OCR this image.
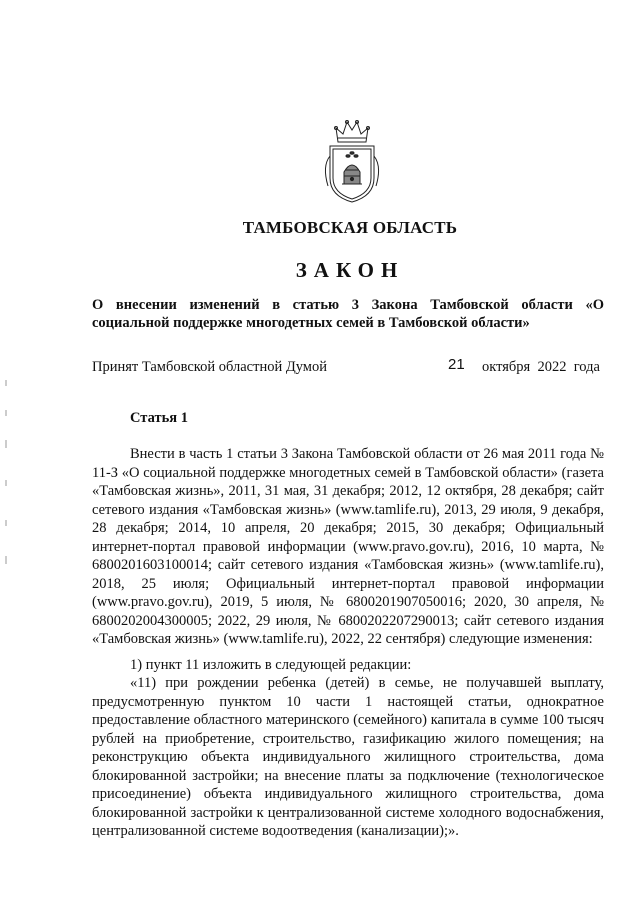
ТАМБОВСКАЯ ОБЛАСТЬ
ЗАКОН
О внесении изменений в статью 3 Закона Тамбовской области «О социальной поддержке многодетных семей в Тамбовской области»
Принят Тамбовской областной Думой	21 октября  2022  года
Статья 1

Внести в часть 1 статьи 3 Закона Тамбовской области от 26 мая 2011 года № 11-З «О социальной поддержке многодетных семей в Тамбовской области» (газета «Тамбовская жизнь», 2011, 31 мая, 31 декабря; 2012, 12 октября, 28 декабря; сайт сетевого издания «Тамбовская жизнь» (www.tamlife.ru), 2013, 29 июля, 9 декабря, 28 декабря; 2014, 10 апреля, 20 декабря; 2015, 30 декабря; Официальный интернет-портал правовой информации (www.pravo.gov.ru), 2016, 10 марта, № 6800201603100014; сайт сетевого издания «Тамбовская жизнь» (www.tamlife.ru), 2018, 25 июля; Официальный интернет-портал правовой информации (www.pravo.gov.ru), 2019, 5 июля, № 6800201907050016; 2020, 30 апреля, № 6800202004300005; 2022, 29 июля, № 6800202207290013; сайт сетевого издания «Тамбовская жизнь» (www.tamlife.ru), 2022, 22 сентября) следующие изменения:

1) пункт 11 изложить в следующей редакции:

«11) при рождении ребенка (детей) в семье, не получавшей выплату, предусмотренную пунктом 10 части 1 настоящей статьи, однократное предоставление областного материнского (семейного) капитала в сумме 100 тысяч рублей на приобретение, строительство, газификацию жилого помещения; на реконструкцию объекта индивидуального жилищного строительства, дома блокированной застройки; на внесение платы за подключение (технологическое присоединение) объекта индивидуального жилищного строительства, дома блокированной застройки к централизованной системе холодного водоснабжения, централизованной системе водоотведения (канализации);».
